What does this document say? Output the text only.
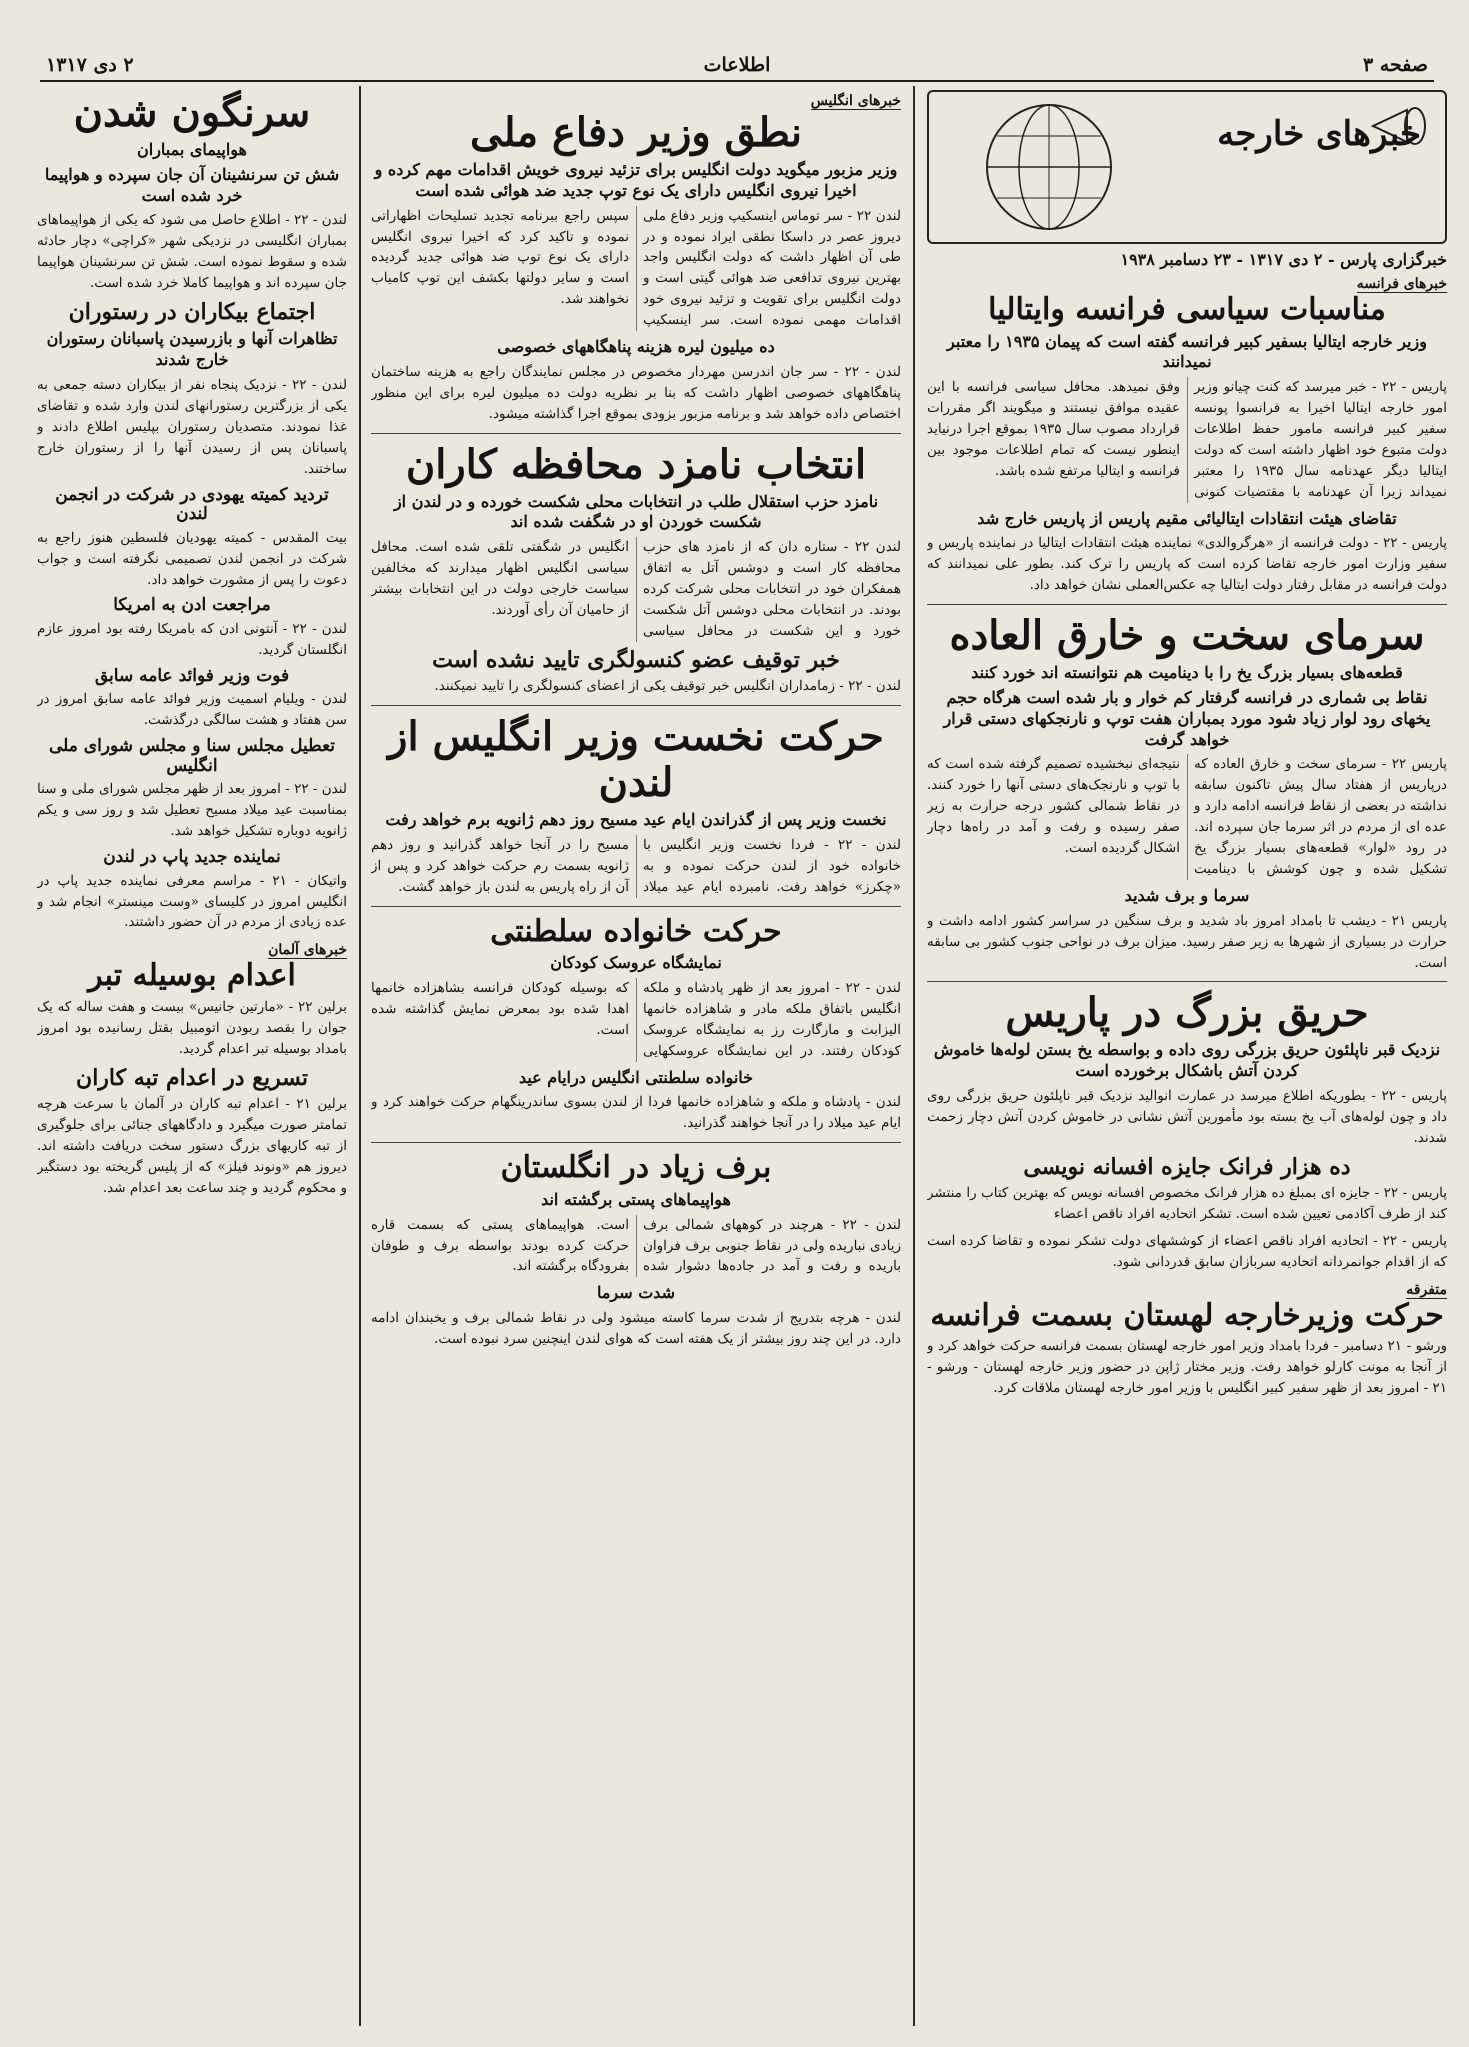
صفحه ۳
اطلاعات
۲ دی ۱۳۱۷
خبرهای خارجه
خبرگزاری پارس - ۲ دی ۱۳۱۷ - ۲۳ دسامبر ۱۹۳۸
خبرهای فرانسه
مناسبات سیاسی فرانسه وایتالیا
وزیر خارجه ایتالیا بسفیر کبیر فرانسه گفته است که پیمان ۱۹۳۵ را معتبر نمیدانند

پاریس - ۲۲ - خبر میرسد که کنت چیانو وزیر امور خارجه ایتالیا اخیرا به فرانسوا پونسه سفیر کبیر فرانسه مامور حفظ اطلاعات دولت متبوع خود اظهار داشته است که دولت ایتالیا دیگر عهدنامه سال ۱۹۳۵ را معتبر نمیداند زیرا آن عهدنامه با مقتضیات کنونی وفق نمیدهد. محافل سیاسی فرانسه با این عقیده موافق نیستند و میگویند اگر مقررات قرارداد مصوب سال ۱۹۳۵ بموقع اجرا درنیاید اینطور نیست که تمام اطلاعات موجود بین فرانسه و ایتالیا مرتفع شده باشد.

تقاضای هیئت انتقادات ایتالیائی مقیم پاریس از پاریس خارج شد

پاریس - ۲۲ - دولت فرانسه از «هرگروالدی» نماینده هیئت انتقادات ایتالیا در نماینده پاریس و سفیر وزارت امور خارجه تقاضا کرده است که پاریس را ترک کند. بطور علی نمیدانند که دولت فرانسه در مقابل رفتار دولت ایتالیا چه عکس‌العملی نشان خواهد داد.

سرمای سخت و خارق العاده
قطعه‌های بسیار بزرگ یخ را با دینامیت هم نتوانسته اند خورد کنند
نقاط بی شماری در فرانسه گرفتار کم خوار و بار شده است هرگاه حجم یخهای رود لوار زیاد شود مورد بمباران هفت توپ و نارنجکهای دستی قرار خواهد گرفت

پاریس ۲۲ - سرمای سخت و خارق العاده که درپاریس از هفتاد سال پیش تاکنون سابقه نداشته در بعضی از نقاط فرانسه ادامه دارد و عده ای از مردم در اثر سرما جان سپرده اند. در رود «لوار» قطعه‌های بسیار بزرگ یخ تشکیل شده و چون کوشش با دینامیت نتیجه‌ای نبخشیده تصمیم گرفته شده است که با توپ و نارنجک‌های دستی آنها را خورد کنند. در نقاط شمالی کشور درجه حرارت به زیر صفر رسیده و رفت و آمد در راه‌ها دچار اشکال گردیده است.

سرما و برف شدید

پاریس ۲۱ - دیشب تا بامداد امروز باد شدید و برف سنگین در سراسر کشور ادامه داشت و حرارت در بسیاری از شهرها به زیر صفر رسید. میزان برف در نواحی جنوب کشور بی سابقه است.

حریق بزرگ در پاریس
نزدیک قبر ناپلئون حریق بزرگی روی داده و بواسطه یخ بستن لوله‌ها خاموش کردن آتش باشکال برخورده است

پاریس - ۲۲ - بطوریکه اطلاع میرسد در عمارت انوالید نزدیک قبر ناپلئون حریق بزرگی روی داد و چون لوله‌های آب یخ بسته بود مأمورین آتش نشانی در خاموش کردن آتش دچار زحمت شدند.

ده هزار فرانک جایزه افسانه نویسی

پاریس - ۲۲ - جایزه ای بمبلغ ده هزار فرانک مخصوص افسانه نویس که بهترین کتاب را منتشر کند از طرف آکادمی تعیین شده است. تشکر اتحادیه افراد ناقص اعضاء

پاریس - ۲۲ - اتحادیه افراد ناقص اعضاء از کوششهای دولت تشکر نموده و تقاضا کرده است که از اقدام جوانمردانه اتحادیه سربازان سابق قدردانی شود.

متفرقه
حرکت وزیرخارجه لهستان بسمت فرانسه

ورشو - ۲۱ دسامبر - فردا بامداد وزیر امور خارجه لهستان بسمت فرانسه حرکت خواهد کرد و از آنجا به مونت کارلو خواهد رفت. وزیر مختار ژاپن در حضور وزیر خارجه لهستان - ورشو - ۲۱ - امروز بعد از ظهر سفیر کبیر انگلیس با وزیر امور خارجه لهستان ملاقات کرد.

خبرهای انگلیس
نطق وزیر دفاع ملی
وزیر مزبور میگوید دولت انگلیس برای تزئید نیروی خویش اقدامات مهم کرده و اخیرا نیروی انگلیس دارای یک نوع توپ جدید ضد هوائی شده است

لندن ۲۲ - سر توماس اینسکیپ وزیر دفاع ملی دیروز عصر در داسکا نطقی ایراد نموده و در طی آن اظهار داشت که دولت انگلیس واجد بهترین نیروی تدافعی ضد هوائی گیتی است و دولت انگلیس برای تقویت و تزئید نیروی خود اقدامات مهمی نموده است. سر اینسکیپ سپس راجع ببرنامه تجدید تسلیحات اظهاراتی نموده و تاکید کرد که اخیرا نیروی انگلیس دارای یک نوع توپ ضد هوائی جدید گردیده است و سایر دولتها بکشف این توپ کامیاب نخواهند شد.

ده میلیون لیره هزینه پناهگاههای خصوصی

لندن - ۲۲ - سر جان اندرسن مهردار مخصوص در مجلس نمایندگان راجع به هزینه ساختمان پناهگاههای خصوصی اظهار داشت که بنا بر نظریه دولت ده میلیون لیره برای این منظور اختصاص داده خواهد شد و برنامه مزبور بزودی بموقع اجرا گذاشته میشود.

انتخاب نامزد محافظه کاران
نامزد حزب استقلال طلب در انتخابات محلی شکست خورده و در لندن از شکست خوردن او در شگفت شده اند

لندن ۲۲ - ستاره دان که از نامزد های حزب محافظه کار است و دوشس آتل به اتفاق همفکران خود در انتخابات محلی شرکت کرده بودند. در انتخابات محلی دوشس آتل شکست خورد و این شکست در محافل سیاسی انگلیس در شگفتی تلقی شده است. محافل سیاسی انگلیس اظهار میدارند که مخالفین سیاست خارجی دولت در این انتخابات بیشتر از حامیان آن رأی آوردند.

خبر توقیف عضو کنسولگری تایید نشده است

لندن - ۲۲ - زمامداران انگلیس خبر توقیف یکی از اعضای کنسولگری را تایید نمیکنند.

حرکت نخست وزیر انگلیس از لندن
نخست وزیر پس از گذراندن ایام عید مسیح روز دهم ژانویه برم خواهد رفت

لندن - ۲۲ - فردا نخست وزیر انگلیس با خانواده خود از لندن حرکت نموده و به «چکرز» خواهد رفت. نامبرده ایام عید میلاد مسیح را در آنجا خواهد گذرانید و روز دهم ژانویه بسمت رم حرکت خواهد کرد و پس از آن از راه پاریس به لندن باز خواهد گشت.

حرکت خانواده سلطنتی
نمایشگاه عروسک کودکان

لندن - ۲۲ - امروز بعد از ظهر پادشاه و ملکه انگلیس باتفاق ملکه مادر و شاهزاده خانمها الیزابت و مارگارت رز به نمایشگاه عروسک کودکان رفتند. در این نمایشگاه عروسکهایی که بوسیله کودکان فرانسه بشاهزاده خانمها اهدا شده بود بمعرض نمایش گذاشته شده است.

خانواده سلطنتی انگلیس درایام عید

لندن - پادشاه و ملکه و شاهزاده خانمها فردا از لندن بسوی ساندرینگهام حرکت خواهند کرد و ایام عید میلاد را در آنجا خواهند گذرانید.

برف زیاد در انگلستان
هواپیماهای پستی برگشته اند

لندن - ۲۲ - هرچند در کوههای شمالی برف زیادی نباریده ولی در نقاط جنوبی برف فراوان باریده و رفت و آمد در جاده‌ها دشوار شده است. هواپیماهای پستی که بسمت قاره حرکت کرده بودند بواسطه برف و طوفان بفرودگاه برگشته اند.

شدت سرما

لندن - هرچه بتدریج از شدت سرما کاسته میشود ولی در نقاط شمالی برف و یخبندان ادامه دارد. در این چند روز بیشتر از یک هفته است که هوای لندن اینچنین سرد نبوده است.

سرنگون شدن
هواپیمای بمباران
شش تن سرنشینان آن جان سپرده و هواپیما خرد شده است

لندن - ۲۲ - اطلاع حاصل می شود که یکی از هواپیماهای بمباران انگلیسی در نزدیکی شهر «کراچی» دچار حادثه شده و سقوط نموده است. شش تن سرنشینان هواپیما جان سپرده اند و هواپیما کاملا خرد شده است.

اجتماع بیکاران در رستوران
تظاهرات آنها و بازرسیدن پاسبانان رستوران خارج شدند

لندن - ۲۲ - نزدیک پنجاه نفر از بیکاران دسته جمعی به یکی از بزرگترین رستورانهای لندن وارد شده و تقاضای غذا نمودند. متصدیان رستوران بپلیس اطلاع دادند و پاسبانان پس از رسیدن آنها را از رستوران خارج ساختند.

تردید کمیته یهودی در شرکت در انجمن لندن

بیت المقدس - کمیته یهودیان فلسطین هنوز راجع به شرکت در انجمن لندن تصمیمی نگرفته است و جواب دعوت را پس از مشورت خواهد داد.

مراجعت ادن به امریکا

لندن - ۲۲ - آنتونی ادن که بامریکا رفته بود امروز عازم انگلستان گردید.

فوت وزیر فوائد عامه سابق

لندن - ویلیام اسمیت وزیر فوائد عامه سابق امروز در سن هفتاد و هشت سالگی درگذشت.

تعطیل مجلس سنا و مجلس شورای ملی انگلیس

لندن - ۲۲ - امروز بعد از ظهر مجلس شورای ملی و سنا بمناسبت عید میلاد مسیح تعطیل شد و روز سی و یکم ژانویه دوباره تشکیل خواهد شد.

نماینده جدید پاپ در لندن

واتیکان - ۲۱ - مراسم معرفی نماینده جدید پاپ در انگلیس امروز در کلیسای «وست مینستر» انجام شد و عده زیادی از مردم در آن حضور داشتند.

خبرهای آلمان
اعدام بوسیله تبر

برلین ۲۲ - «مارتین جانیس» بیست و هفت ساله که یک جوان را بقصد ربودن اتومبیل بقتل رسانیده بود امروز بامداد بوسیله تبر اعدام گردید.

تسریع در اعدام تبه کاران

برلین ۲۱ - اعدام تبه کاران در آلمان با سرعت هرچه تمامتر صورت میگیرد و دادگاههای جنائی برای جلوگیری از تبه کاریهای بزرگ دستور سخت دریافت داشته اند. دیروز هم «ونوند فیلز» که از پلیس گریخته بود دستگیر و محکوم گردید و چند ساعت بعد اعدام شد.
